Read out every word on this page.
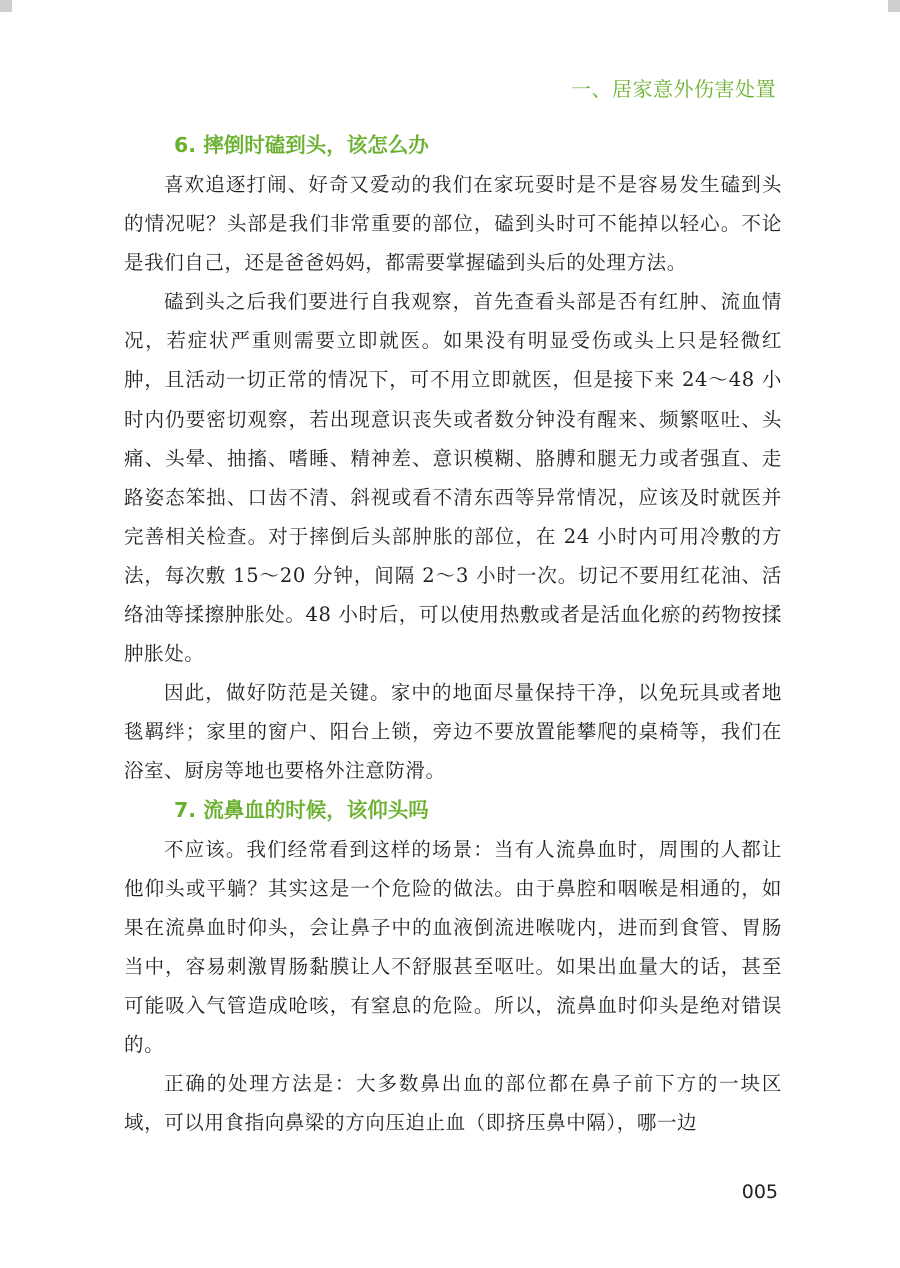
一、居家意外伤害处置
6. 摔倒时磕到头，该怎么办

喜欢追逐打闹、好奇又爱动的我们在家玩耍时是不是容易发生磕到头的情况呢？头部是我们非常重要的部位，磕到头时可不能掉以轻心。不论是我们自己，还是爸爸妈妈，都需要掌握磕到头后的处理方法。

磕到头之后我们要进行自我观察，首先查看头部是否有红肿、流血情况，若症状严重则需要立即就医。如果没有明显受伤或头上只是轻微红肿，且活动一切正常的情况下，可不用立即就医，但是接下来 24～48 小时内仍要密切观察，若出现意识丧失或者数分钟没有醒来、频繁呕吐、头痛、头晕、抽搐、嗜睡、精神差、意识模糊、胳膊和腿无力或者强直、走路姿态笨拙、口齿不清、斜视或看不清东西等异常情况，应该及时就医并完善相关检查。对于摔倒后头部肿胀的部位，在 24 小时内可用冷敷的方法，每次敷 15～20 分钟，间隔 2～3 小时一次。切记不要用红花油、活络油等揉擦肿胀处。48 小时后，可以使用热敷或者是活血化瘀的药物按揉肿胀处。

因此，做好防范是关键。家中的地面尽量保持干净，以免玩具或者地毯羁绊；家里的窗户、阳台上锁，旁边不要放置能攀爬的桌椅等，我们在浴室、厨房等地也要格外注意防滑。

7. 流鼻血的时候，该仰头吗

不应该。我们经常看到这样的场景：当有人流鼻血时，周围的人都让他仰头或平躺？其实这是一个危险的做法。由于鼻腔和咽喉是相通的，如果在流鼻血时仰头，会让鼻子中的血液倒流进喉咙内，进而到食管、胃肠当中，容易刺激胃肠黏膜让人不舒服甚至呕吐。如果出血量大的话，甚至可能吸入气管造成呛咳，有窒息的危险。所以，流鼻血时仰头是绝对错误的。

正确的处理方法是：大多数鼻出血的部位都在鼻子前下方的一块区域，可以用食指向鼻梁的方向压迫止血（即挤压鼻中隔），哪一边

005
